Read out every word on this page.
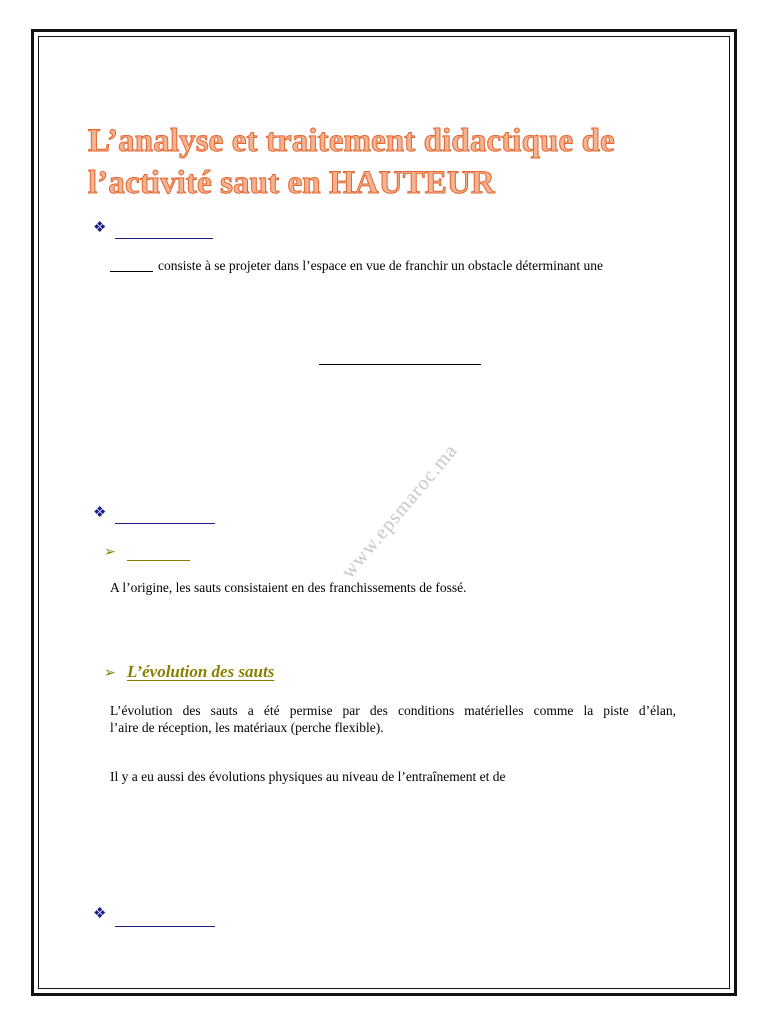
L’analyse et traitement didactique de
l’activité saut en HAUTEUR
❖
consiste à se projeter dans l’espace en vue de franchir un obstacle déterminant une
www.epsmaroc.ma
❖
➢
A l’origine, les sauts consistaient en des franchissements de fossé.
➢ L’évolution des sauts
L’évolution des sauts a été permise par des conditions matérielles comme la piste d’élan,
l’aire de réception, les matériaux (perche flexible).
Il y a eu aussi des évolutions physiques au niveau de l’entraînement et de
❖
